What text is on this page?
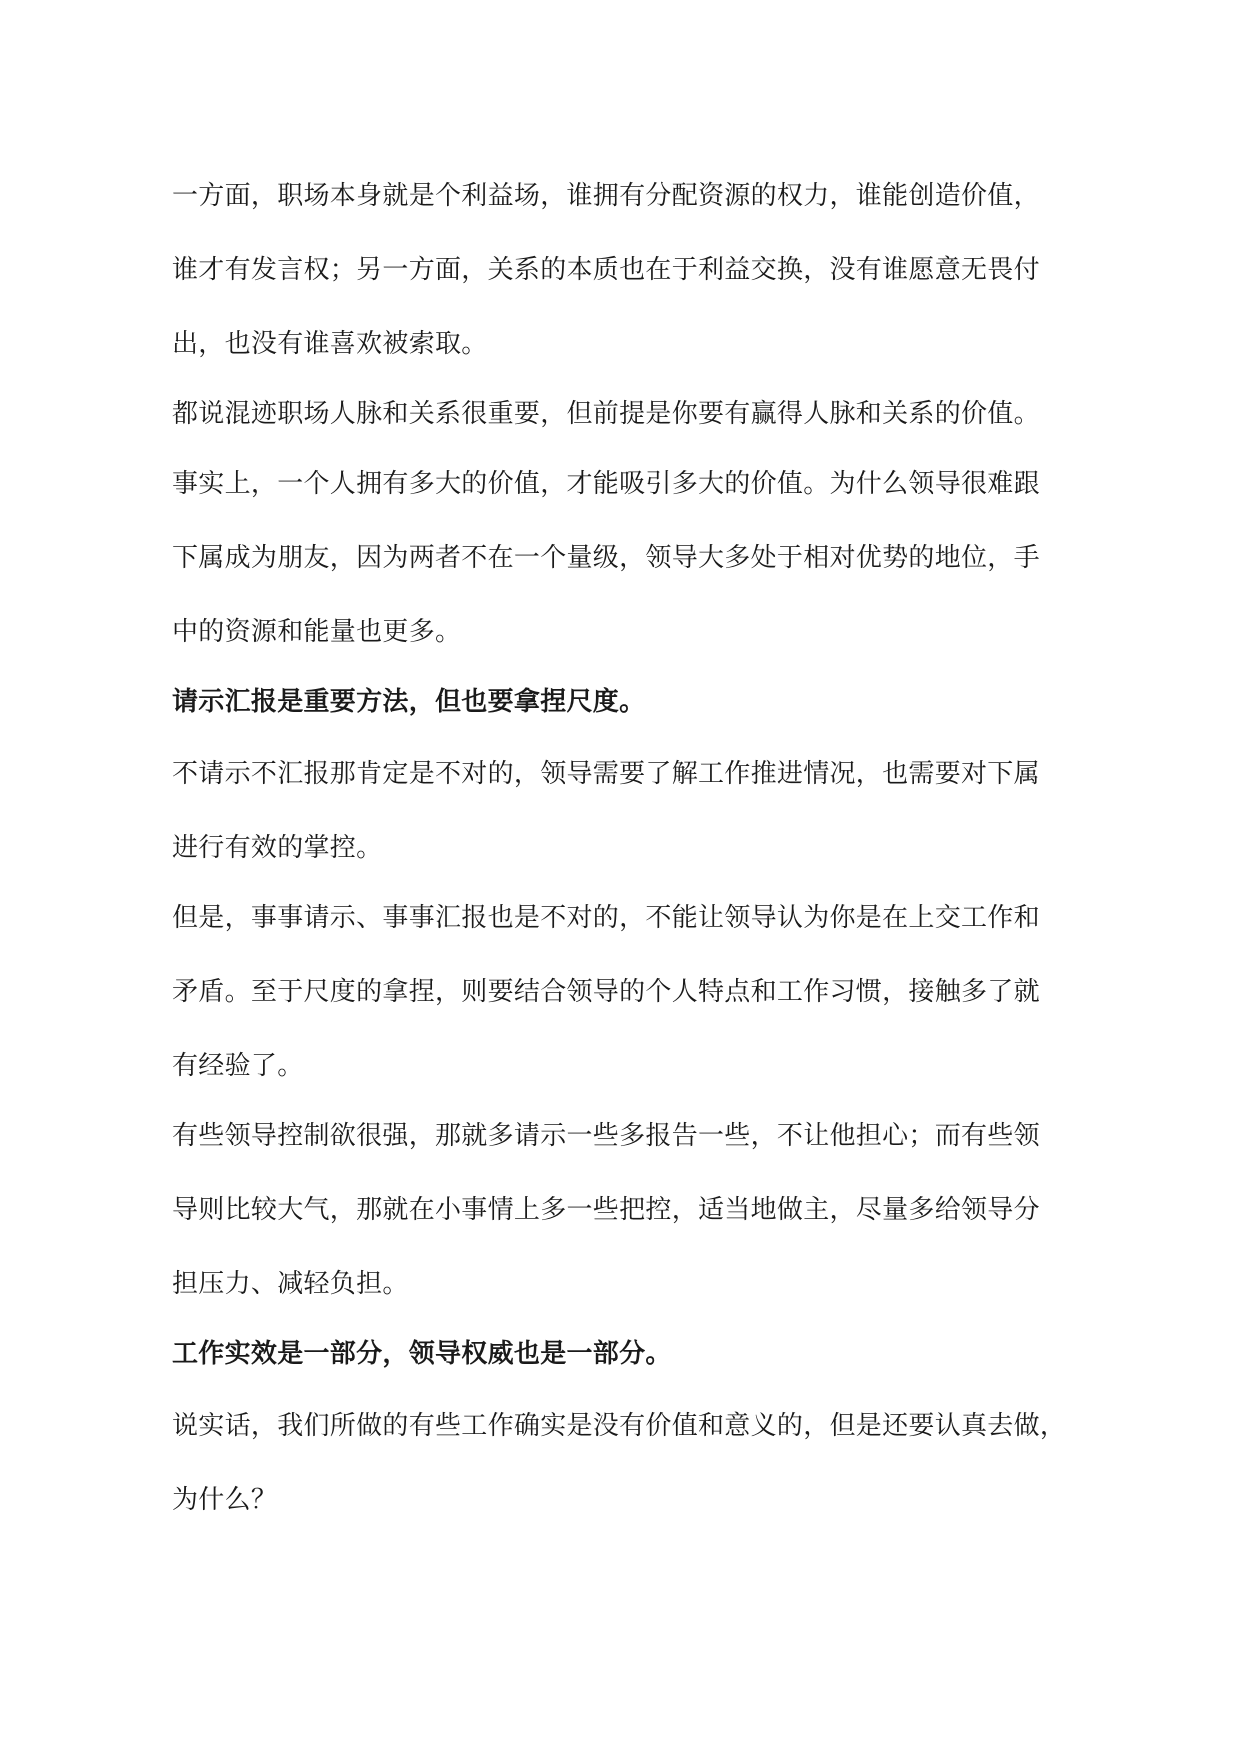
一方面，职场本身就是个利益场，谁拥有分配资源的权力，谁能创造价值，
谁才有发言权；另一方面，关系的本质也在于利益交换，没有谁愿意无畏付
出，也没有谁喜欢被索取。
都说混迹职场人脉和关系很重要，但前提是你要有赢得人脉和关系的价值。
事实上，一个人拥有多大的价值，才能吸引多大的价值。为什么领导很难跟
下属成为朋友，因为两者不在一个量级，领导大多处于相对优势的地位，手
中的资源和能量也更多。
请示汇报是重要方法，但也要拿捏尺度。
不请示不汇报那肯定是不对的，领导需要了解工作推进情况，也需要对下属
进行有效的掌控。
但是，事事请示、事事汇报也是不对的，不能让领导认为你是在上交工作和
矛盾。至于尺度的拿捏，则要结合领导的个人特点和工作习惯，接触多了就
有经验了。
有些领导控制欲很强，那就多请示一些多报告一些，不让他担心；而有些领
导则比较大气，那就在小事情上多一些把控，适当地做主，尽量多给领导分
担压力、减轻负担。
工作实效是一部分，领导权威也是一部分。
说实话，我们所做的有些工作确实是没有价值和意义的，但是还要认真去做，
为什么？
